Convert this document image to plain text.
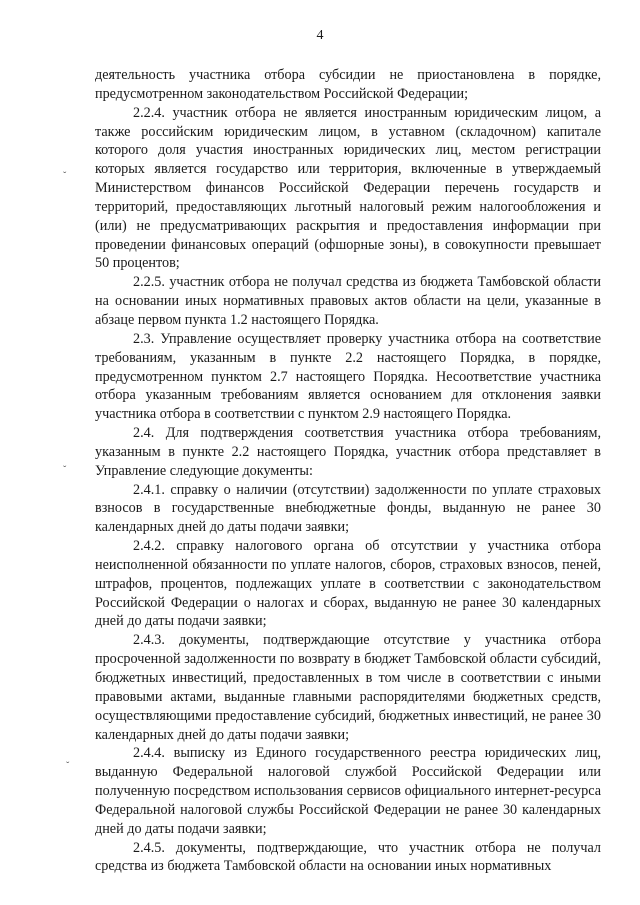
4
ˇ
ˇ
ˇ

деятельность участника отбора субсидии не приостановлена в порядке, предусмотренном законодательством Российской Федерации;

2.2.4. участник отбора не является иностранным юридическим лицом, а также российским юридическим лицом, в уставном (складочном) капитале которого доля участия иностранных юридических лиц, местом регистрации которых является государство или территория, включенные в утверждаемый Министерством финансов Российской Федерации перечень государств и территорий, предоставляющих льготный налоговый режим налогообложения и (или) не предусматривающих раскрытия и предоставления информации при проведении финансовых операций (офшорные зоны), в совокупности превышает 50 процентов;

2.2.5. участник отбора не получал средства из бюджета Тамбовской области на основании иных нормативных правовых актов области на цели, указанные в абзаце первом пункта 1.2 настоящего Порядка.

2.3. Управление осуществляет проверку участника отбора на соответствие требованиям, указанным в пункте 2.2 настоящего Порядка, в порядке, предусмотренном пунктом 2.7 настоящего Порядка. Несоответствие участника отбора указанным требованиям является основанием для отклонения заявки участника отбора в соответствии с пунктом 2.9 настоящего Порядка.

2.4. Для подтверждения соответствия участника отбора требованиям, указанным в пункте 2.2 настоящего Порядка, участник отбора представляет в Управление следующие документы:

2.4.1. справку о наличии (отсутствии) задолженности по уплате страховых взносов в государственные внебюджетные фонды, выданную не ранее 30 календарных дней до даты подачи заявки;

2.4.2. справку налогового органа об отсутствии у участника отбора неисполненной обязанности по уплате налогов, сборов, страховых взносов, пеней, штрафов, процентов, подлежащих уплате в соответствии с законодательством Российской Федерации о налогах и сборах, выданную не ранее 30 календарных дней до даты подачи заявки;

2.4.3. документы, подтверждающие отсутствие у участника отбора просроченной задолженности по возврату в бюджет Тамбовской области субсидий, бюджетных инвестиций, предоставленных в том числе в соответствии с иными правовыми актами, выданные главными распорядителями бюджетных средств, осуществляющими предоставление субсидий, бюджетных инвестиций, не ранее 30 календарных дней до даты подачи заявки;

2.4.4. выписку из Единого государственного реестра юридических лиц, выданную Федеральной налоговой службой Российской Федерации или полученную посредством использования сервисов официального интернет-ресурса Федеральной налоговой службы Российской Федерации не ранее 30 календарных дней до даты подачи заявки;

2.4.5. документы, подтверждающие, что участник отбора не получал средства из бюджета Тамбовской области на основании иных нормативных
